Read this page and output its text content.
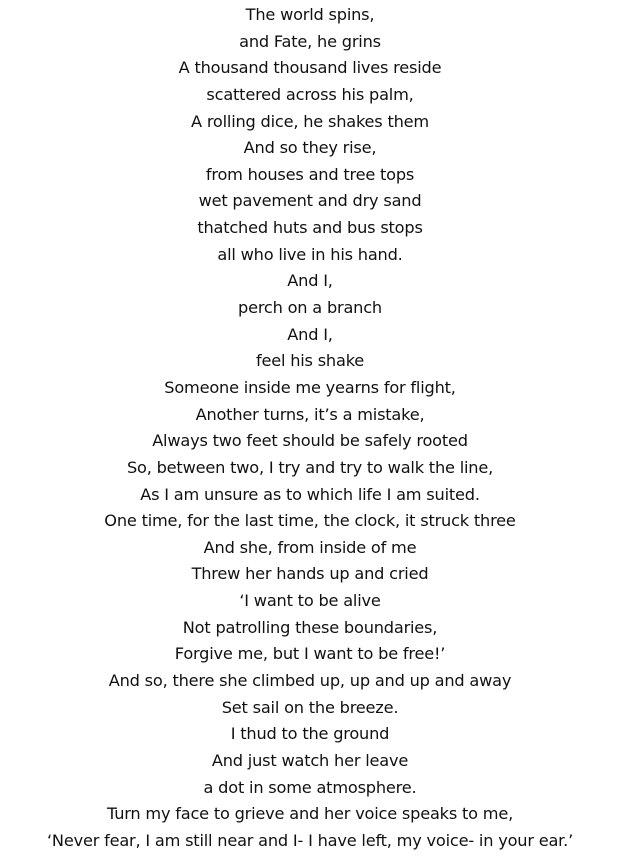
The world spins,
and Fate, he grins
A thousand thousand lives reside
scattered across his palm,
A rolling dice, he shakes them
And so they rise,
from houses and tree tops
wet pavement and dry sand
thatched huts and bus stops
all who live in his hand.
And I,
perch on a branch
And I,
feel his shake
Someone inside me yearns for flight,
Another turns, it’s a mistake,
Always two feet should be safely rooted
So, between two, I try and try to walk the line,
As I am unsure as to which life I am suited.
One time, for the last time, the clock, it struck three
And she, from inside of me
Threw her hands up and cried
‘I want to be alive
Not patrolling these boundaries,
Forgive me, but I want to be free!’
And so, there she climbed up, up and up and away
Set sail on the breeze.
I thud to the ground
And just watch her leave
a dot in some atmosphere.
Turn my face to grieve and her voice speaks to me,
‘Never fear, I am still near and I- I have left, my voice- in your ear.’
